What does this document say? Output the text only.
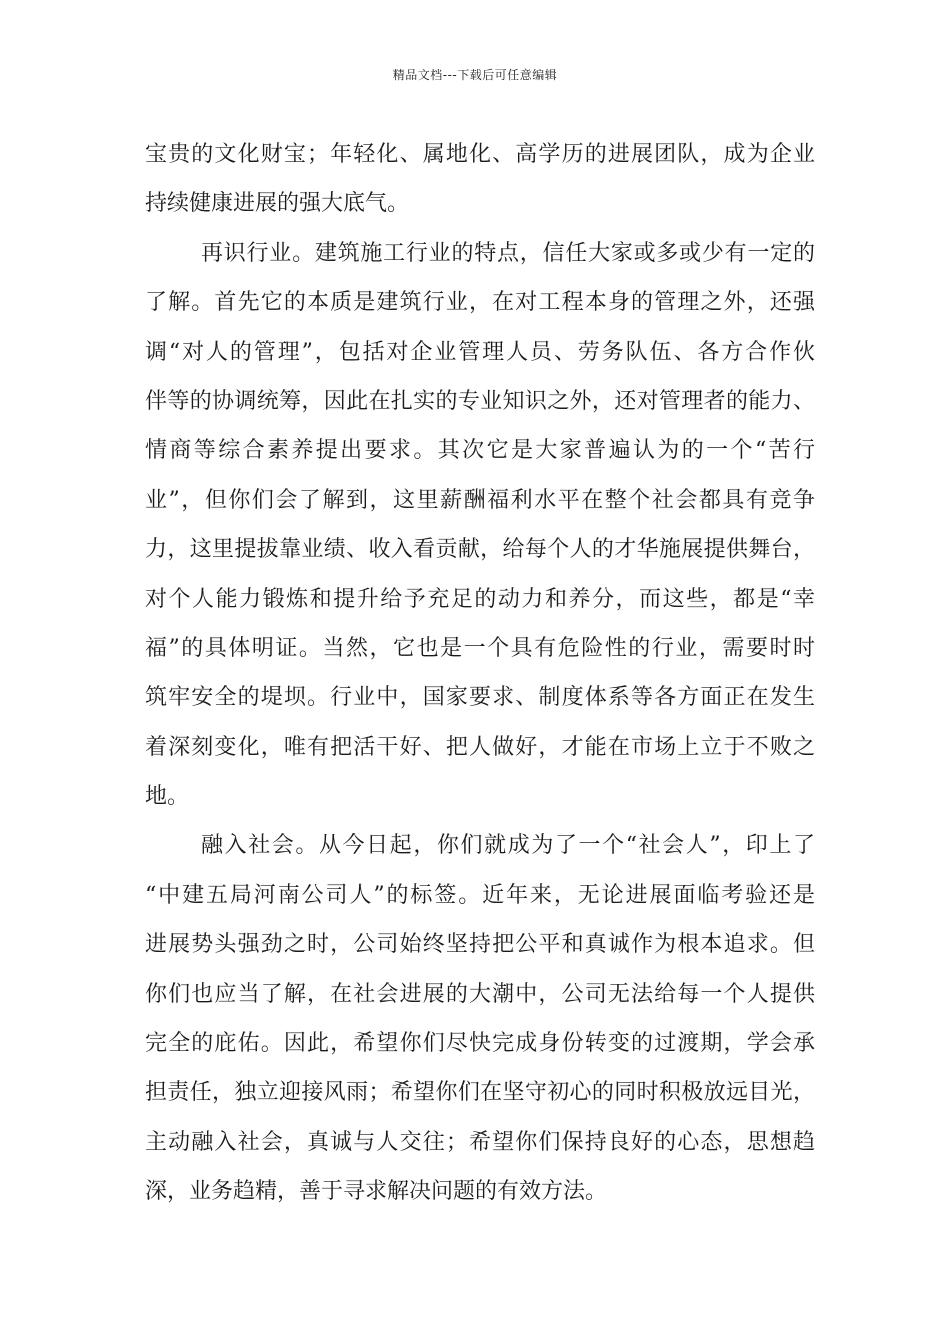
精品文档---下载后可任意编辑
宝贵的文化财宝；年轻化、属地化、高学历的进展团队，成为企业
持续健康进展的强大底气。
再识行业。建筑施工行业的特点，信任大家或多或少有一定的
了解。首先它的本质是建筑行业，在对工程本身的管理之外，还强
调“对人的管理”，包括对企业管理人员、劳务队伍、各方合作伙
伴等的协调统筹，因此在扎实的专业知识之外，还对管理者的能力、
情商等综合素养提出要求。其次它是大家普遍认为的一个“苦行
业”，但你们会了解到，这里薪酬福利水平在整个社会都具有竞争
力，这里提拔靠业绩、收入看贡献，给每个人的才华施展提供舞台，
对个人能力锻炼和提升给予充足的动力和养分，而这些，都是“幸
福”的具体明证。当然，它也是一个具有危险性的行业，需要时时
筑牢安全的堤坝。行业中，国家要求、制度体系等各方面正在发生
着深刻变化，唯有把活干好、把人做好，才能在市场上立于不败之
地。
融入社会。从今日起，你们就成为了一个“社会人”，印上了
“中建五局河南公司人”的标签。近年来，无论进展面临考验还是
进展势头强劲之时，公司始终坚持把公平和真诚作为根本追求。但
你们也应当了解，在社会进展的大潮中，公司无法给每一个人提供
完全的庇佑。因此，希望你们尽快完成身份转变的过渡期，学会承
担责任，独立迎接风雨；希望你们在坚守初心的同时积极放远目光，
主动融入社会，真诚与人交往；希望你们保持良好的心态，思想趋
深，业务趋精，善于寻求解决问题的有效方法。
